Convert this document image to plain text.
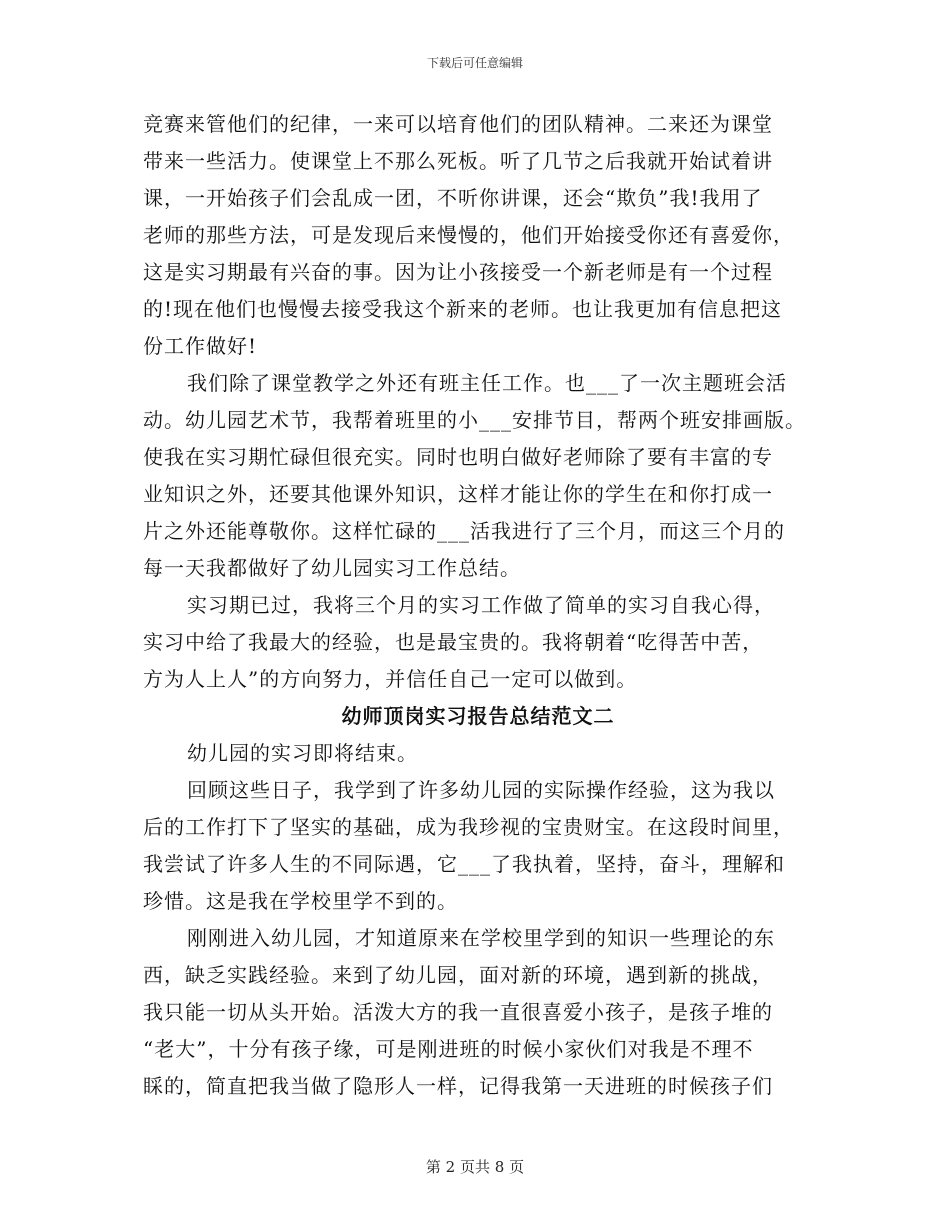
下载后可任意编辑
竞赛来管他们的纪律，一来可以培育他们的团队精神。二来还为课堂
带来一些活力。使课堂上不那么死板。听了几节之后我就开始试着讲
课，一开始孩子们会乱成一团，不听你讲课，还会“欺负”我!我用了
老师的那些方法，可是发现后来慢慢的，他们开始接受你还有喜爱你，
这是实习期最有兴奋的事。因为让小孩接受一个新老师是有一个过程
的!现在他们也慢慢去接受我这个新来的老师。也让我更加有信息把这
份工作做好!
我们除了课堂教学之外还有班主任工作。也___了一次主题班会活
动。幼儿园艺术节，我帮着班里的小___安排节目，帮两个班安排画版。
使我在实习期忙碌但很充实。同时也明白做好老师除了要有丰富的专
业知识之外，还要其他课外知识，这样才能让你的学生在和你打成一
片之外还能尊敬你。这样忙碌的___活我进行了三个月，而这三个月的
每一天我都做好了幼儿园实习工作总结。
实习期已过，我将三个月的实习工作做了简单的实习自我心得，
实习中给了我最大的经验，也是最宝贵的。我将朝着“吃得苦中苦，
方为人上人”的方向努力，并信任自己一定可以做到。
幼师顶岗实习报告总结范文二
幼儿园的实习即将结束。
回顾这些日子，我学到了许多幼儿园的实际操作经验，这为我以
后的工作打下了坚实的基础，成为我珍视的宝贵财宝。在这段时间里，
我尝试了许多人生的不同际遇，它___了我执着，坚持，奋斗，理解和
珍惜。这是我在学校里学不到的。
刚刚进入幼儿园，才知道原来在学校里学到的知识一些理论的东
西，缺乏实践经验。来到了幼儿园，面对新的环境，遇到新的挑战，
我只能一切从头开始。活泼大方的我一直很喜爱小孩子，是孩子堆的
“老大”，十分有孩子缘，可是刚进班的时候小家伙们对我是不理不
睬的，简直把我当做了隐形人一样，记得我第一天进班的时候孩子们
第 2 页共 8 页
